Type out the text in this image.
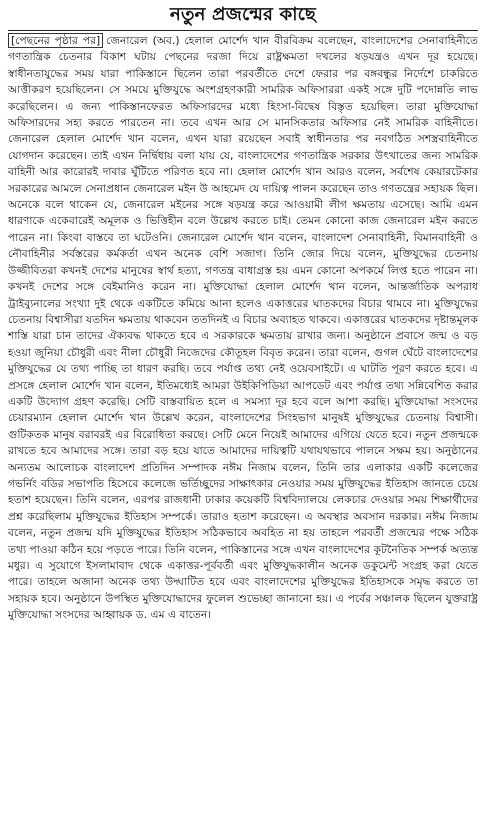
নতুন প্রজন্মের কাছে

[পেছনের পৃষ্ঠার পর] জেনারেল (অব.) হেলাল মোর্শেদ খান বীরবিক্রম বলেছেন, বাংলাদেশের সেনাবাহিনীতে গণতান্ত্রিক চেতনার বিকাশ ঘটায় পেছনের দরজা দিয়ে রাষ্ট্রক্ষমতা দখলের ষড়যন্ত্রও এখন দূর হয়েছে। স্বাধীনতাযুদ্ধের সময় যারা পাকিস্তানে ছিলেন তারা পরবর্তীতে দেশে ফেরার পর বঙ্গবন্ধুর নির্দেশে চাকরিতে আত্তীকরণ হয়েছিলেন। সে সময়ে মুক্তিযুদ্ধে অংশগ্রহণকারী সামরিক অফিসাররা একই সঙ্গে দুটি পদোন্নতি লাভ করেছিলেন। এ জন্য পাকিস্তানফেরত অফিসারদের মধ্যে হিংসা-বিদ্বেষ বিস্তৃত হয়েছিল। তারা মুক্তিযোদ্ধা অফিসারদের সহ্য করতে পারতেন না। তবে এখন আর সে মানসিকতার অফিসার নেই সামরিক বাহিনীতে। জেনারেল হেলাল মোর্শেদ খান বলেন, এখন যারা রয়েছেন সবাই স্বাধীনতার পর নবগঠিত সশস্ত্রবাহিনীতে যোগদান করেছেন। তাই এখন নির্দ্বিধায় বলা যায় যে, বাংলাদেশের গণতান্ত্রিক সরকার উৎখাতের জন্য সামরিক বাহিনী আর কারোরই দাবার ঘুঁটিতে পরিণত হবে না। হেলাল মোর্শেদ খান আরও বলেন, সর্বশেষ কেয়ারটেকার সরকারের আমলে সেনাপ্রধান জেনারেল মইন উ আহমেদ যে দায়িত্ব পালন করেছেন তাও গণতন্ত্রের সহায়ক ছিল। অনেকে বলে থাকেন যে, জেনারেল মইনের সঙ্গে ষড়যন্ত্র করে আওয়ামী লীগ ক্ষমতায় এসেছে। আমি এমন ধারণাকে একেবারেই অমূলক ও ভিত্তিহীন বলে উল্লেখ করতে চাই। তেমন কোনো কাজ জেনারেল মইন করতে পারেন না। কিংবা বাস্তবে তা ঘটেওনি। জেনারেল মোর্শেদ খান বলেন, বাংলাদেশ সেনাবাহিনী, বিমানবাহিনী ও নৌবাহিনীর সর্বস্তরের কর্মকর্তা এখন অনেক বেশি সজাগ। তিনি জোর দিয়ে বলেন, মুক্তিযুদ্ধের চেতনায় উজ্জীবিতরা কখনই দেশের মানুষের স্বার্থ হত্যা, গণতন্ত্র বাধাগ্রস্ত হয় এমন কোনো অপকর্মে লিপ্ত হতে পারেন না। কখনই দেশের সঙ্গে বেইমানিও করেন না। মুক্তিযোদ্ধা হেলাল মোর্শেদ খান বলেন, আন্তর্জাতিক অপরাধ ট্রাইব্যুনালের সংখ্যা দুই থেকে একটিতে কমিয়ে আনা হলেও একাত্তরের ঘাতকদের বিচার থামবে না। মুক্তিযুদ্ধের চেতনায় বিশ্বাসীরা যতদিন ক্ষমতায় থাকবেন ততদিনই এ বিচার অব্যাহত থাকবে। একাত্তরের ঘাতকদের দৃষ্টান্তমূলক শাস্তি যারা চান তাদের ঐক্যবদ্ধ থাকতে হবে এ সরকারকে ক্ষমতায় রাখার জন্য। অনুষ্ঠানে প্রবাসে জন্ম ও বড় হওয়া জুনিয়া চৌধুরী এবং নীলা চৌধুরী নিজেদের কৌতূহল বিবৃত করেন। তারা বলেন, গুগল ঘেঁটে বাংলাদেশের মুক্তিযুদ্ধের যে তথ্য পাচ্ছি তা ধারণ করছি। তবে পর্যাপ্ত তথ্য নেই ওয়েবসাইটে। এ ঘাটতি পূরণ করতে হবে। এ প্রসঙ্গে হেলাল মোর্শেদ খান বলেন, ইতিমধ্যেই আমরা উইকিপিডিয়া আপডেট এবং পর্যাপ্ত তথ্য সন্নিবেশিত করার একটি উদ্যোগ গ্রহণ করেছি। সেটি বাস্তবায়িত হলে এ সমস্যা দূর হবে বলে আশা করছি। মুক্তিযোদ্ধা সংসদের চেয়ারম্যান হেলাল মোর্শেদ খান উল্লেখ করেন, বাংলাদেশের সিংহভাগ মানুষই মুক্তিযুদ্ধের চেতনায় বিশ্বাসী। গুটিকতক মানুষ বরাবরই এর বিরোধিতা করছে। সেটি মেনে নিয়েই আমাদের এগিয়ে যেতে হবে। নতুন প্রজন্মকে রাখতে হবে আমাদের সঙ্গে। তারা বড় হয়ে যাতে আমাদের দায়িত্বটি যথাযথভাবে পালনে সক্ষম হয়। অনুষ্ঠানের অন্যতম আলোচক বাংলাদেশ প্রতিদিন সম্পাদক নঈম নিজাম বলেন, তিনি তার এলাকার একটি কলেজের গভর্নিং বডির সভাপতি হিসেবে কলেজে ভর্তিচ্ছুদের সাক্ষাৎকার নেওয়ার সময় মুক্তিযুদ্ধের ইতিহাস জানতে চেয়ে হতাশ হয়েছেন। তিনি বলেন, এরপর রাজধানী ঢাকার কয়েকটি বিশ্ববিদ্যালয়ে লেকচার দেওয়ার সময় শিক্ষার্থীদের প্রশ্ন করেছিলাম মুক্তিযুদ্ধের ইতিহাস সম্পর্কে। তারাও হতাশ করেছেন। এ অবস্থার অবসান দরকার। নঈম নিজাম বলেন, নতুন প্রজন্ম যদি মুক্তিযুদ্ধের ইতিহাস সঠিকভাবে অবহিত না হয় তাহলে পরবর্তী প্রজন্মের পক্ষে সঠিক তথ্য পাওয়া কঠিন হয়ে পড়তে পারে। তিনি বলেন, পাকিস্তানের সঙ্গে এখন বাংলাদেশের কূটনৈতিক সম্পর্ক অত্যন্ত মধুর। এ সুযোগে ইসলামাবাদ থেকে একাত্তর-পূর্ববর্তী এবং মুক্তিযুদ্ধকালীন অনেক ডকুমেন্ট সংগ্রহ করা যেতে পারে। তাহলে অজানা অনেক তথ্য উদ্ঘাটিত হবে এবং বাংলাদেশের মুক্তিযুদ্ধের ইতিহাসকে সমৃদ্ধ করতে তা সহায়ক হবে। অনুষ্ঠানে উপস্থিত মুক্তিযোদ্ধাদের ফুলেল শুভেচ্ছা জানানো হয়। এ পর্বের সঞ্চালক ছিলেন যুক্তরাষ্ট্র মুক্তিযোদ্ধা সংসদের আহ্বায়ক ড. এম এ বাতেন।
